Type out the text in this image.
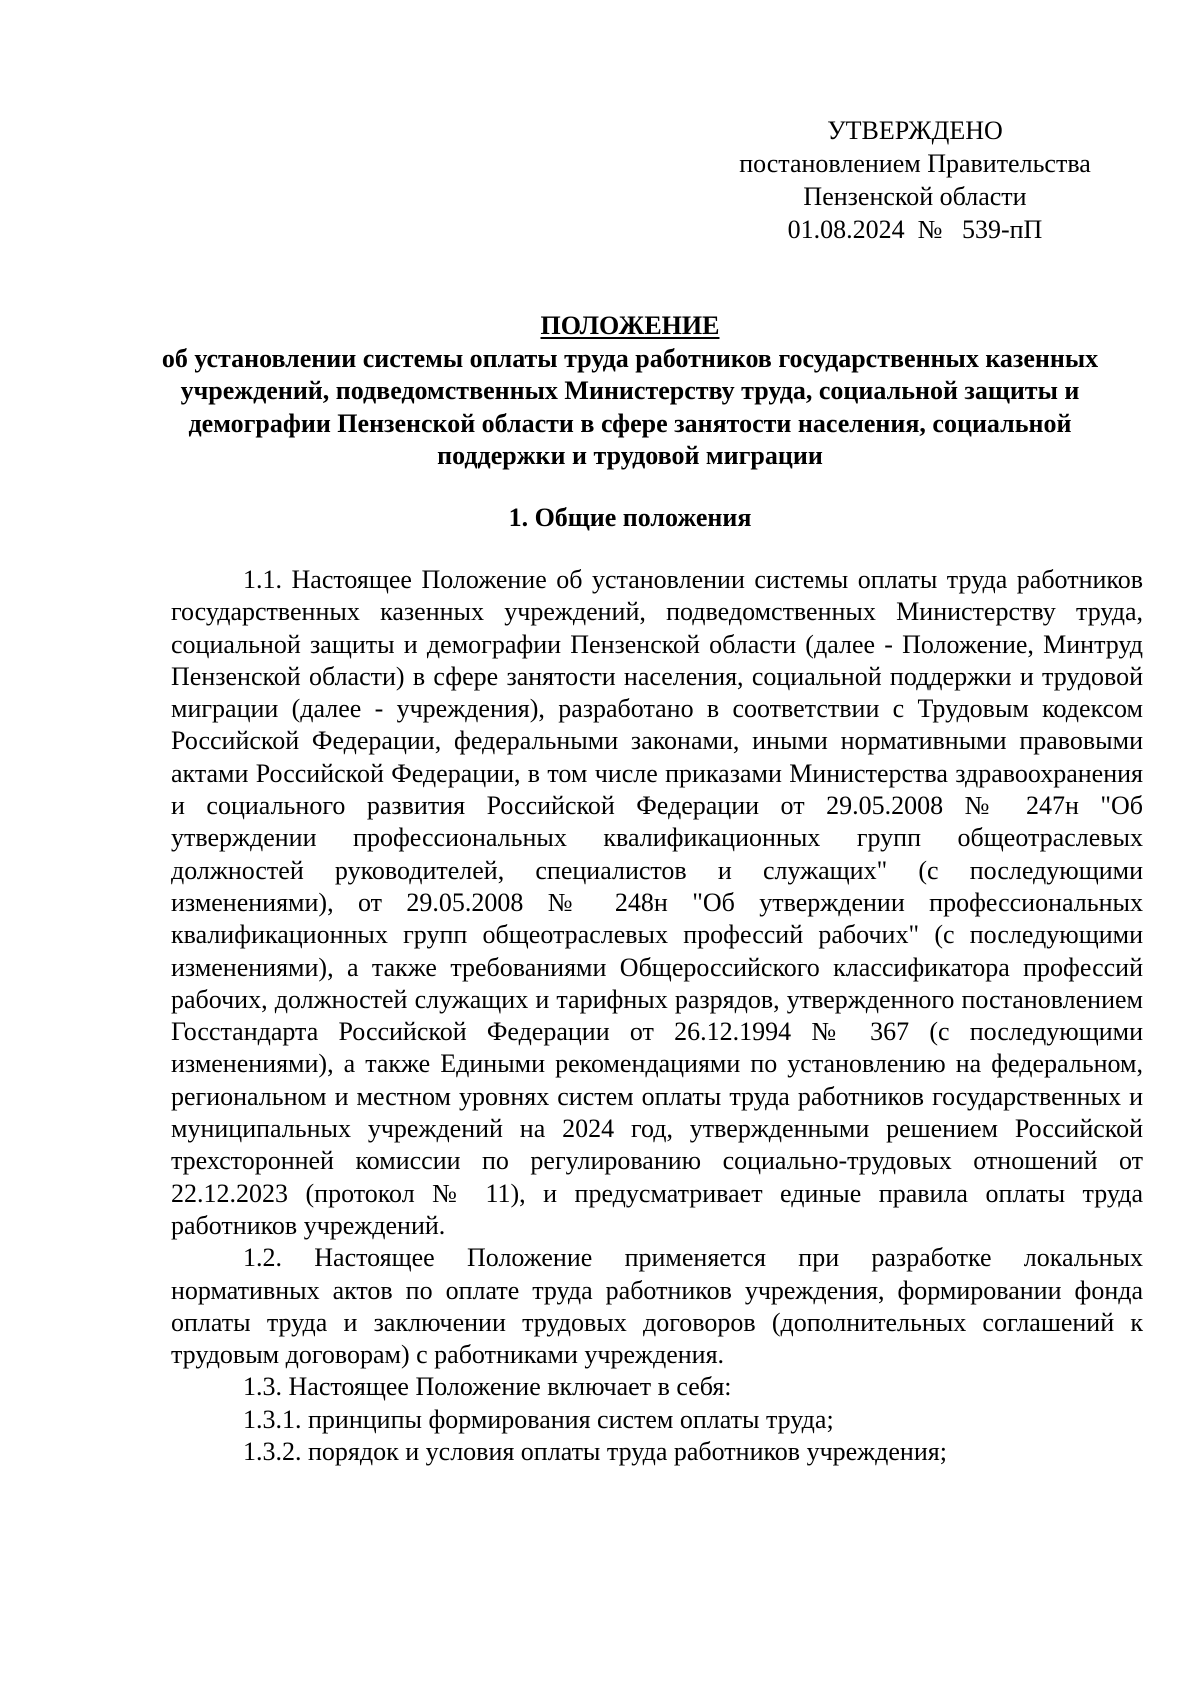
УТВЕРЖДЕНО
постановлением Правительства
Пензенской области
01.08.2024  №   539-пП
ПОЛОЖЕНИЕ
об установлении системы оплаты труда работников государственных казенных учреждений, подведомственных Министерству труда, социальной защиты и демографии Пензенской области в сфере занятости населения, социальной поддержки и трудовой миграции
1. Общие положения

1.1. Настоящее Положение об установлении системы оплаты труда работников государственных казенных учреждений, подведомственных Министерству труда, социальной защиты и демографии Пензенской области (далее - Положение, Минтруд Пензенской области) в сфере занятости населения, социальной поддержки и трудовой миграции (далее - учреждения), разработано в соответствии с Трудовым кодексом Российской Федерации, федеральными законами, иными нормативными правовыми актами Российской Федерации, в том числе приказами Министерства здравоохранения и социального развития Российской Федерации от 29.05.2008 № 247н "Об утверждении профессиональных квалификационных групп общеотраслевых должностей руководителей, специалистов и служащих" (с последующими изменениями), от 29.05.2008 № 248н "Об утверждении профессиональных квалификационных групп общеотраслевых профессий рабочих" (с последующими изменениями), а также требованиями Общероссийского классификатора профессий рабочих, должностей служащих и тарифных разрядов, утвержденного постановлением Госстандарта Российской Федерации от 26.12.1994 № 367 (с последующими изменениями), а также Едиными рекомендациями по установлению на федеральном, региональном и местном уровнях систем оплаты труда работников государственных и муниципальных учреждений на 2024 год, утвержденными решением Российской трехсторонней комиссии по регулированию социально-трудовых отношений от 22.12.2023 (протокол № 11), и предусматривает единые правила оплаты труда работников учреждений.

1.2. Настоящее Положение применяется при разработке локальных нормативных актов по оплате труда работников учреждения, формировании фонда оплаты труда и заключении трудовых договоров (дополнительных соглашений к трудовым договорам) с работниками учреждения.

1.3. Настоящее Положение включает в себя:

1.3.1. принципы формирования систем оплаты труда;

1.3.2. порядок и условия оплаты труда работников учреждения;
